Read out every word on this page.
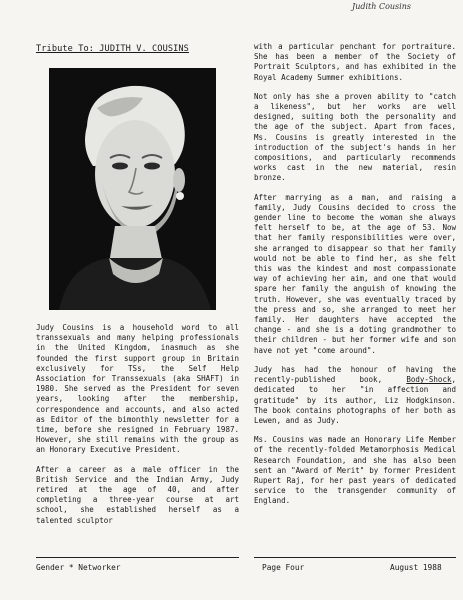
Judith Cousins
Tribute To: JUDITH V. COUSINS

Judy Cousins is a household word to all transsexuals and many helping professionals in the United Kingdom, inasmuch as she founded the first support group in Britain exclusively for TSs, the Self Help Association for Transsexuals (aka SHAFT) in 1980. She served as the President for seven years, looking after the membership, correspondence and accounts, and also acted as Editor of the bimonthly newsletter for a time, before she resigned in February 1987. However, she still remains with the group as an Honorary Executive President.

After a career as a male officer in the British Service and the Indian Army, Judy retired at the age of 40, and after completing a three-year course at art school, she established herself as a talented sculptor

with a particular penchant for portraiture. She has been a member of the Society of Portrait Sculptors, and has exhibited in the Royal Academy Summer exhibitions.

Not only has she a proven ability to "catch a likeness", but her works are well designed, suiting both the personality and the age of the subject. Apart from faces, Ms. Cousins is greatly interested in the introduction of the subject's hands in her compositions, and particularly recommends works cast in the new material, resin bronze.

After marrying as a man, and raising a family, Judy Cousins decided to cross the gender line to become the woman she always felt herself to be, at the age of 53. Now that her family responsibilities were over, she arranged to disappear so that her family would not be able to find her, as she felt this was the kindest and most compassionate way of achieving her aim, and one that would spare her family the anguish of knowing the truth. However, she was eventually traced by the press and so, she arranged to meet her family. Her daughters have accepted the change - and she is a doting grandmother to their children - but her former wife and son have not yet "come around".

Judy has had the honour of having the recently-published book, Body-Shock, dedicated to her "in affection and gratitude" by its author, Liz Hodgkinson. The book contains photographs of her both as Lewen, and as Judy.

Ms. Cousins was made an Honorary Life Member of the recently-folded Metamorphosis Medical Research Foundation, and she has also been sent an "Award of Merit" by former President Rupert Raj, for her past years of dedicated service to the transgender community of England.

Gender * Networker	Page Four	August 1988
